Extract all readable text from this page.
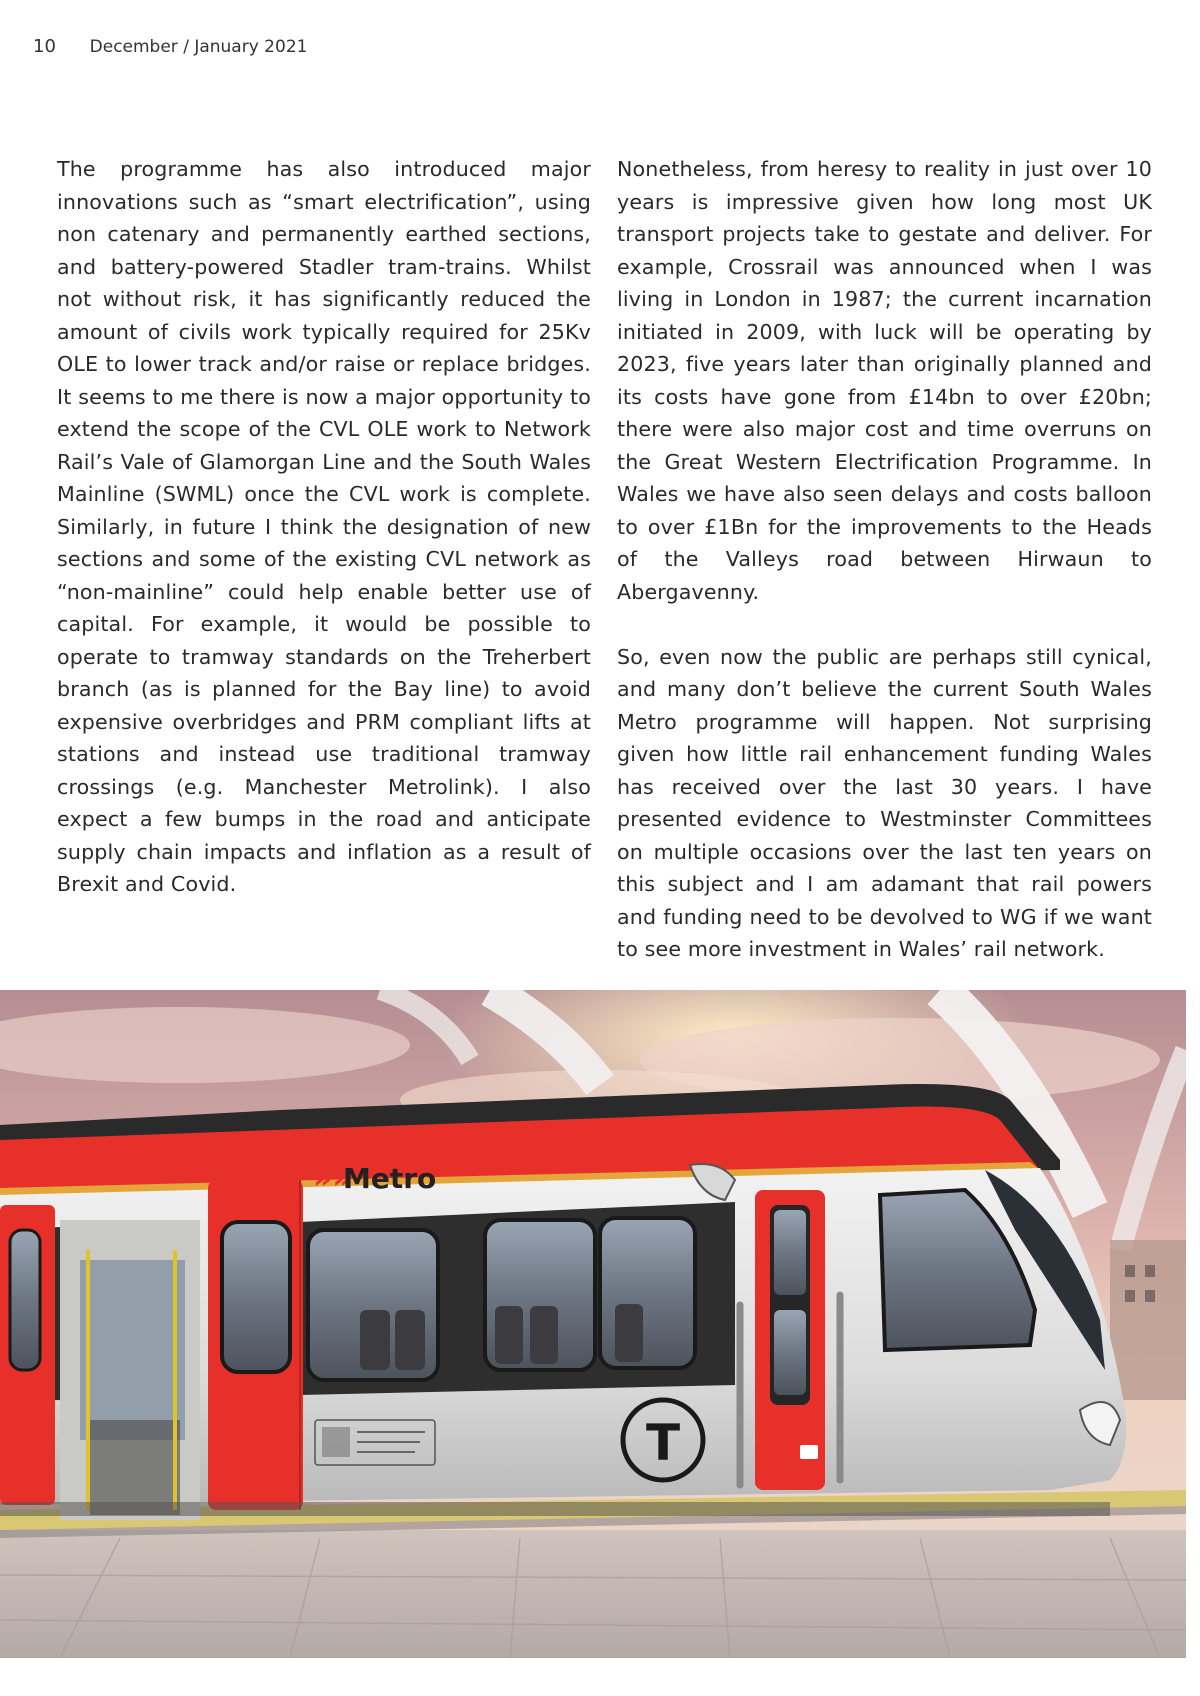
10 December / January 2021

The programme has also introduced major innovations such as “smart electrification”, using non catenary and permanently earthed sections, and battery-powered Stadler tram-trains. Whilst not without risk, it has significantly reduced the amount of civils work typically required for 25Kv OLE to lower track and/or raise or replace bridges. It seems to me there is now a major opportunity to extend the scope of the CVL OLE work to Network Rail’s Vale of Glamorgan Line and the South Wales Mainline (SWML) once the CVL work is complete. Similarly, in future I think the designation of new sections and some of the existing CVL network as “non-mainline” could help enable better use of capital. For example, it would be possible to operate to tramway standards on the Treherbert branch (as is planned for the Bay line) to avoid expensive overbridges and PRM compliant lifts at stations and instead use traditional tramway crossings (e.g. Manchester Metrolink). I also expect a few bumps in the road and anticipate supply chain impacts and inflation as a result of Brexit and Covid.

Nonetheless, from heresy to reality in just over 10 years is impressive given how long most UK transport projects take to gestate and deliver. For example, Crossrail was announced when I was living in London in 1987; the current incarnation initiated in 2009, with luck will be operating by 2023, five years later than originally planned and its costs have gone from £14bn to over £20bn; there were also major cost and time overruns on the Great Western Electrification Programme. In Wales we have also seen delays and costs balloon to over £1Bn for the improvements to the Heads of the Valleys road between Hirwaun to Abergavenny.

So, even now the public are perhaps still cynical, and many don’t believe the current South Wales Metro programme will happen. Not surprising given how little rail enhancement funding Wales has received over the last 30 years. I have presented evidence to Westminster Committees on multiple occasions over the last ten years on this subject and I am adamant that rail powers and funding need to be devolved to WG if we want to see more investment in Wales’ rail network.

T
»»
Metro
